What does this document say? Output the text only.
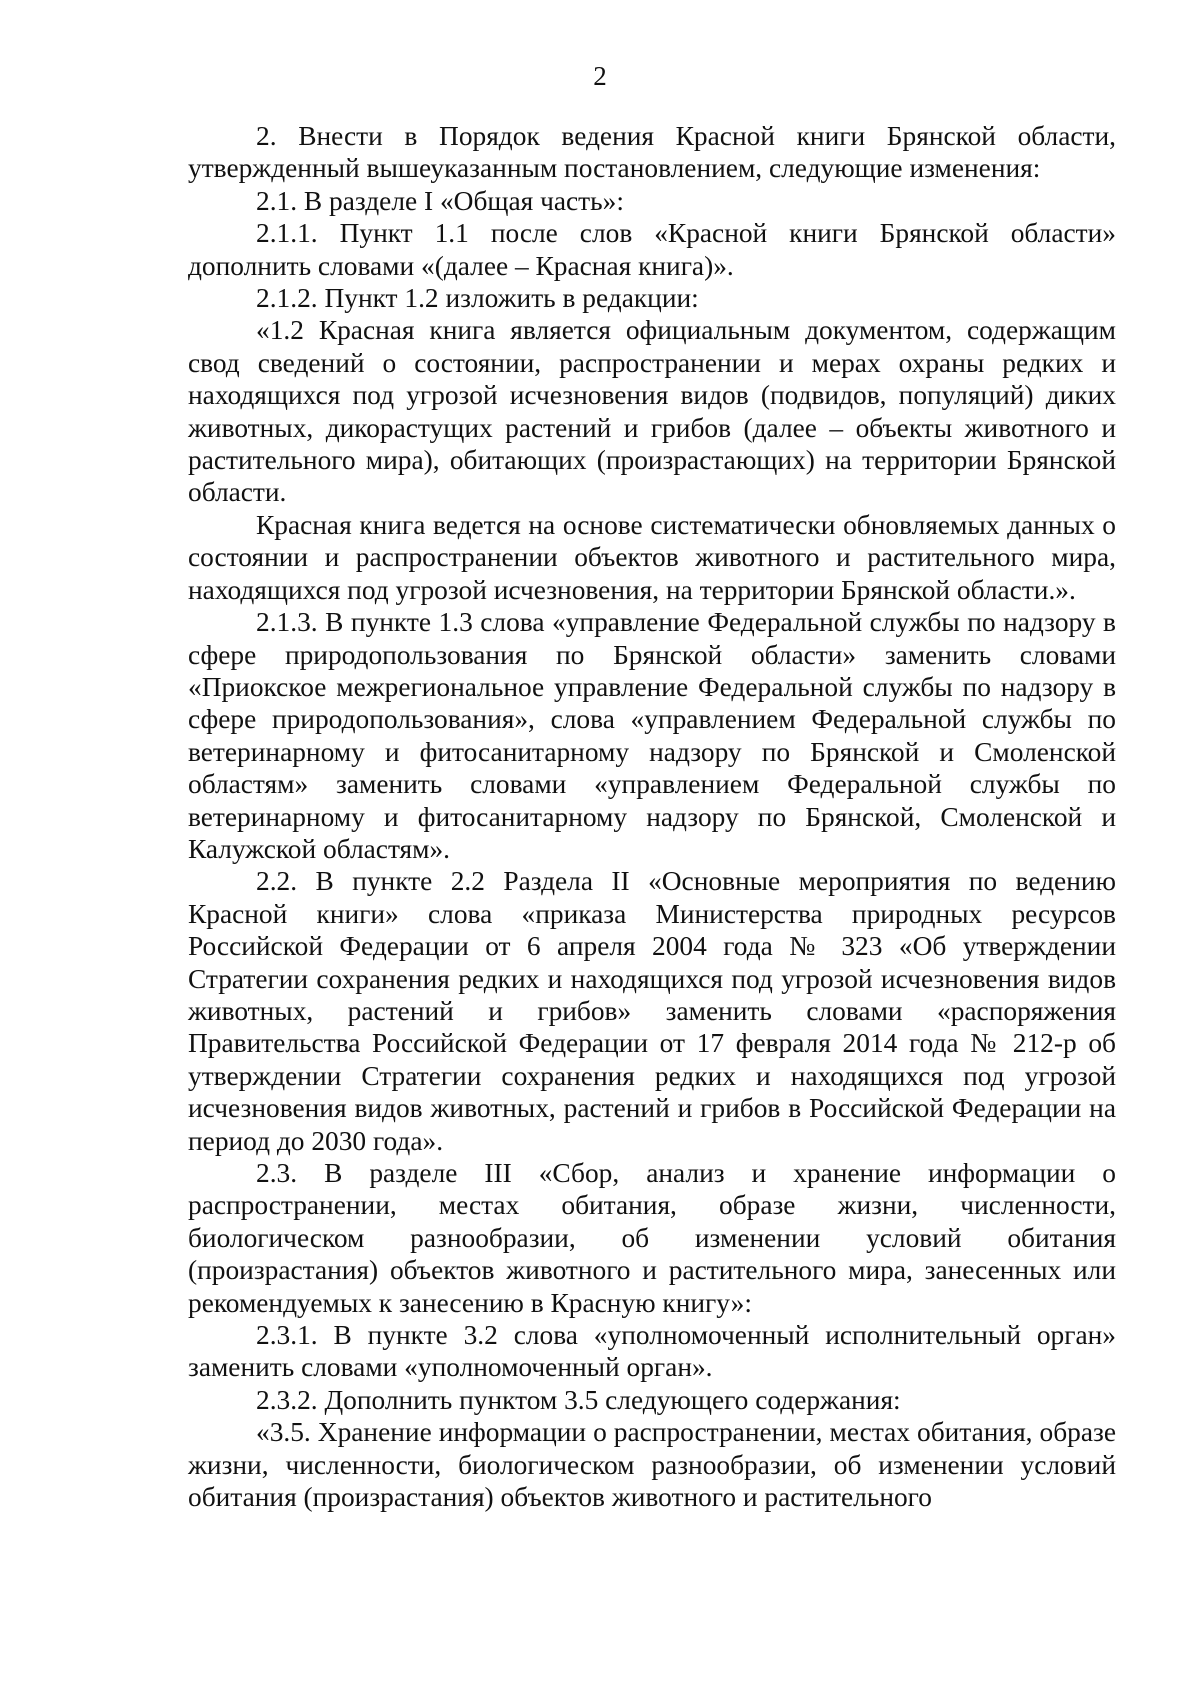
2

2. Внести в Порядок ведения Красной книги Брянской области, утвержденный вышеуказанным постановлением, следующие изменения:

2.1. В разделе I «Общая часть»:

2.1.1. Пункт 1.1 после слов «Красной книги Брянской области» дополнить словами «(далее – Красная книга)».

2.1.2. Пункт 1.2 изложить в редакции:

«1.2 Красная книга является официальным документом, содержащим свод сведений о состоянии, распространении и мерах охраны редких и находящихся под угрозой исчезновения видов (подвидов, популяций) диких животных, дикорастущих растений и грибов (далее – объекты животного и растительного мира), обитающих (произрастающих) на территории Брянской области.

Красная книга ведется на основе систематически обновляемых данных о состоянии и распространении объектов животного и растительного мира, находящихся под угрозой исчезновения, на территории Брянской области.».

2.1.3. В пункте 1.3 слова «управление Федеральной службы по надзору в сфере природопользования по Брянской области» заменить словами «Приокское межрегиональное управление Федеральной службы по надзору в сфере природопользования», слова «управлением Федеральной службы по ветеринарному и фитосанитарному надзору по Брянской и Смоленской областям» заменить словами «управлением Федеральной службы по ветеринарному и фитосанитарному надзору по Брянской, Смоленской и Калужской областям».

2.2. В пункте 2.2 Раздела II «Основные мероприятия по ведению Красной книги» слова «приказа Министерства природных ресурсов Российской Федерации от 6 апреля 2004 года № 323 «Об утверждении Стратегии сохранения редких и находящихся под угрозой исчезновения видов животных, растений и грибов» заменить словами «распоряжения Правительства Российской Федерации от 17 февраля 2014 года № 212-р об утверждении Стратегии сохранения редких и находящихся под угрозой исчезновения видов животных, растений и грибов в Российской Федерации на период до 2030 года».

2.3. В разделе III «Сбор, анализ и хранение информации о распространении, местах обитания, образе жизни, численности, биологическом разнообразии, об изменении условий обитания (произрастания) объектов животного и растительного мира, занесенных или рекомендуемых к занесению в Красную книгу»:

2.3.1. В пункте 3.2 слова «уполномоченный исполнительный орган» заменить словами «уполномоченный орган».

2.3.2. Дополнить пунктом 3.5 следующего содержания:

«3.5. Хранение информации о распространении, местах обитания, образе жизни, численности, биологическом разнообразии, об изменении условий обитания (произрастания) объектов животного и растительного
